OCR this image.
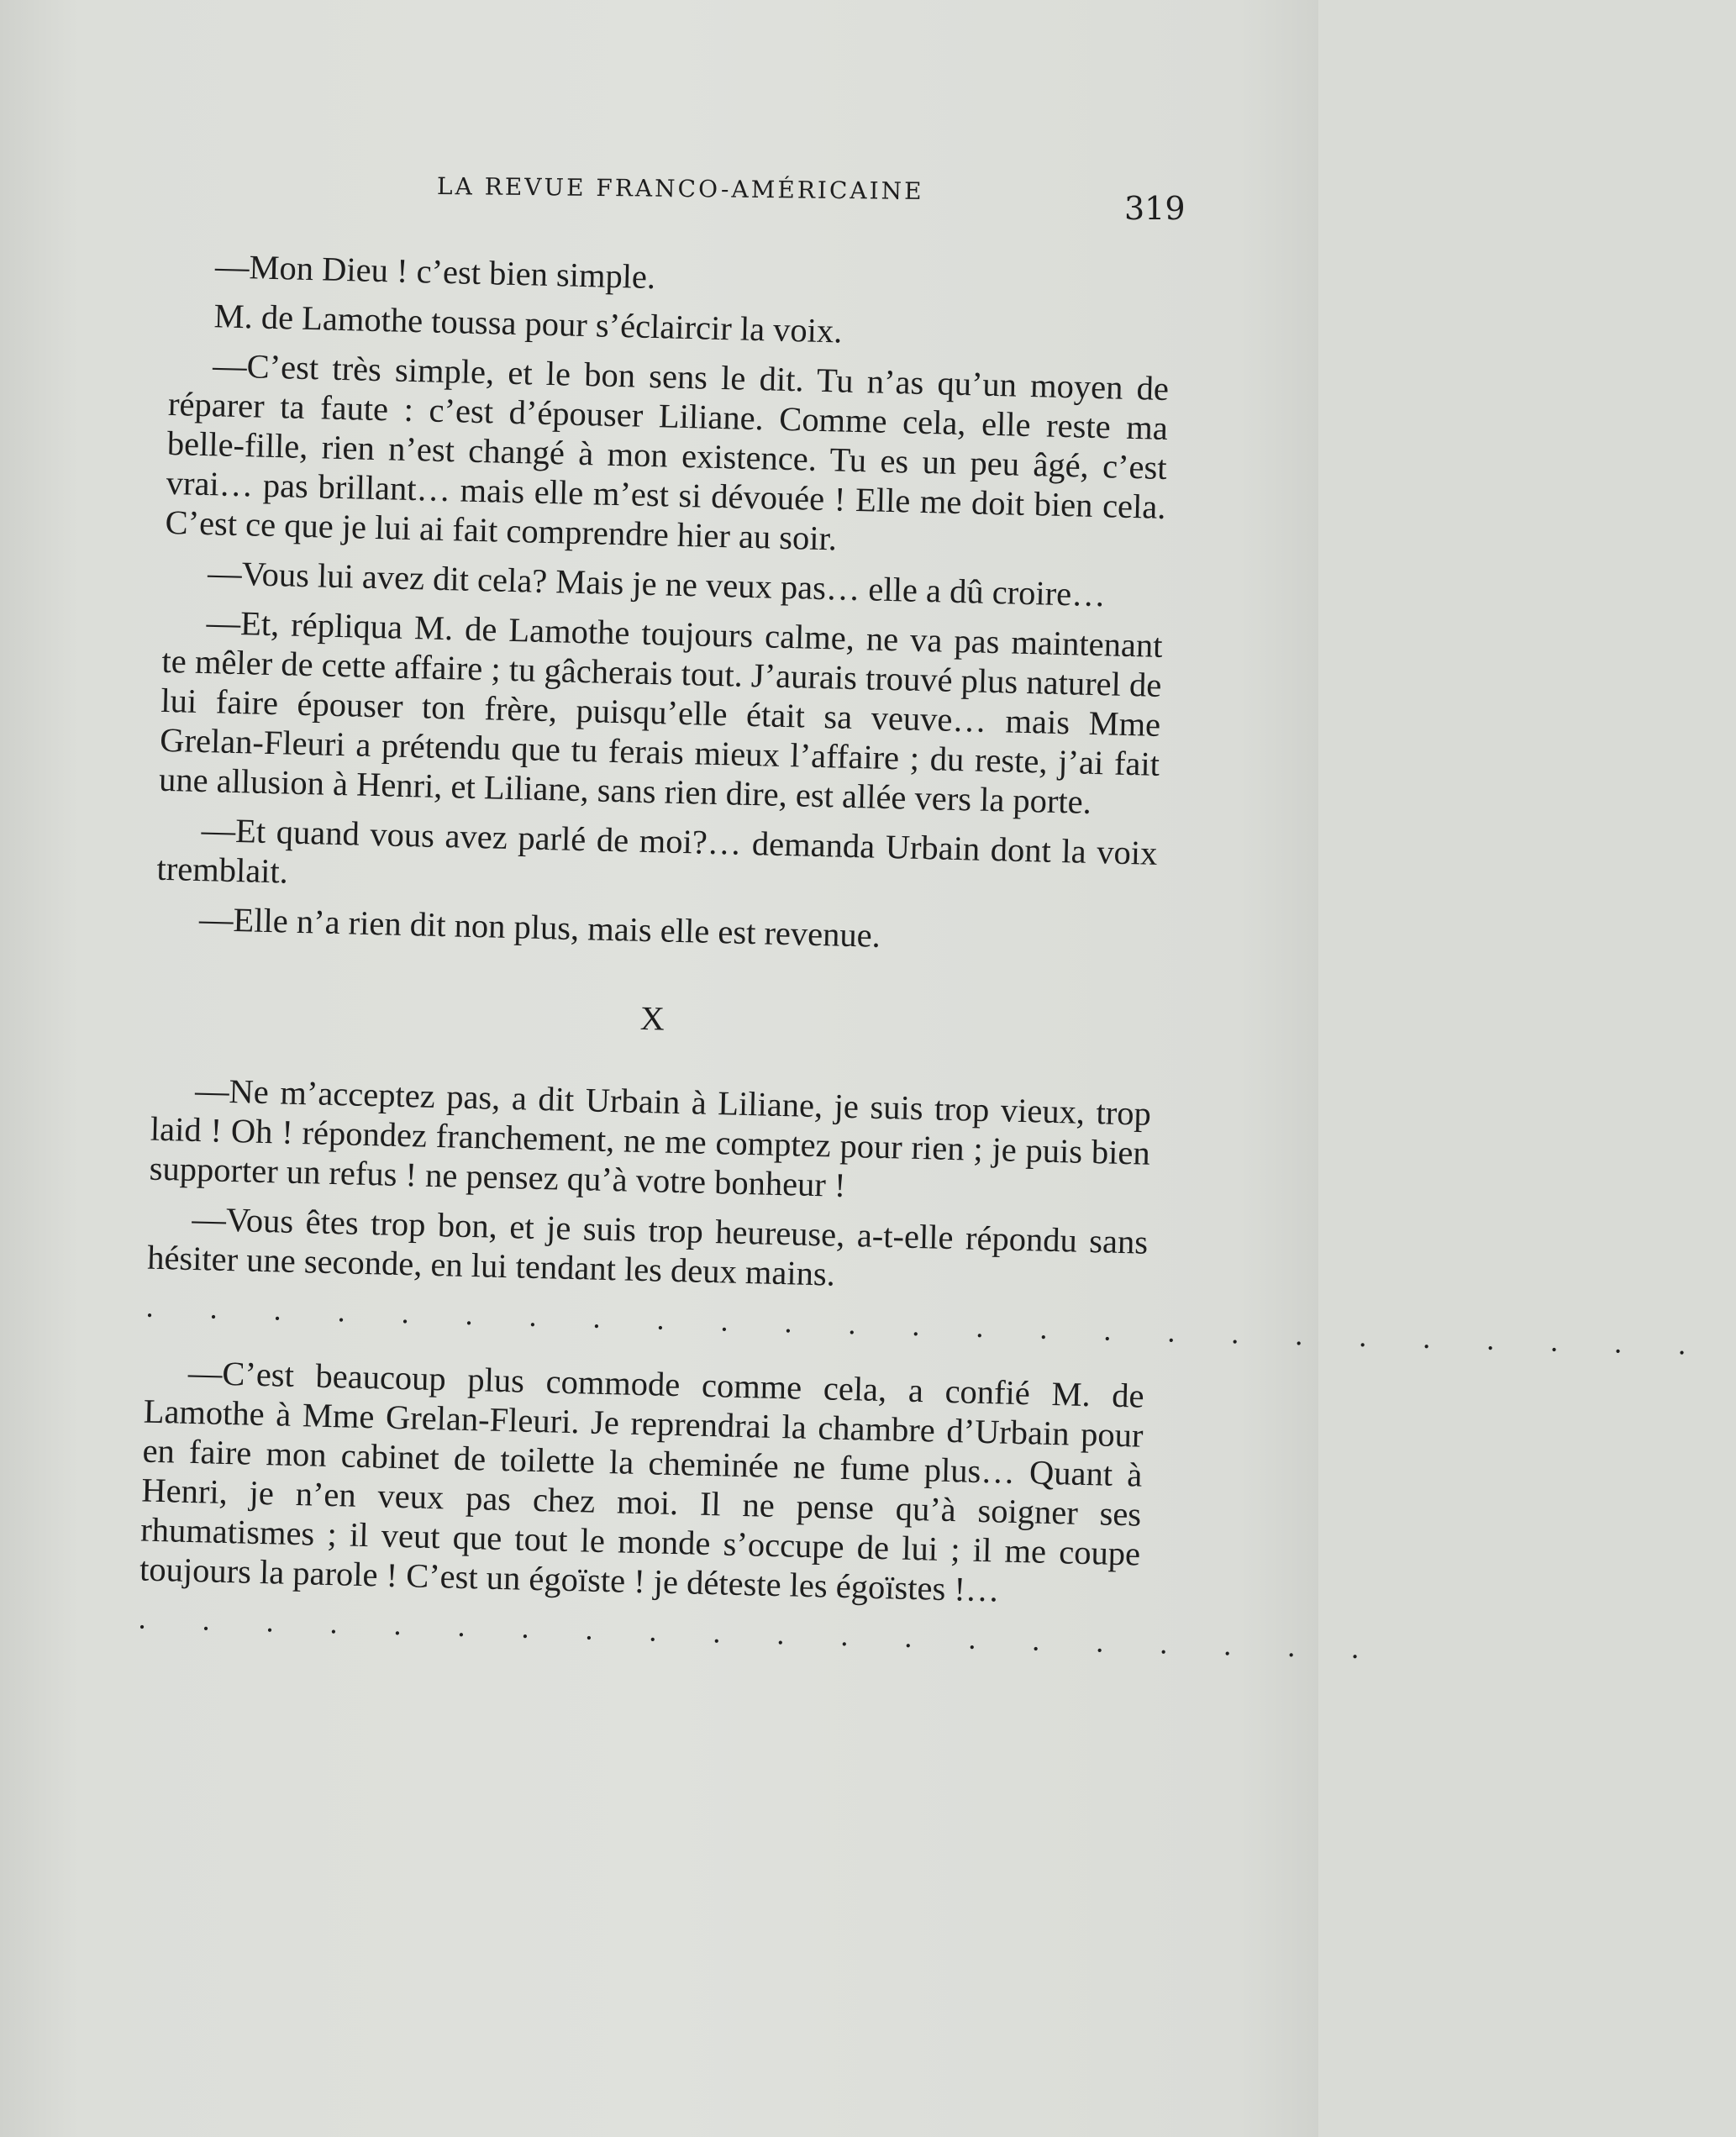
LA REVUE FRANCO-AMÉRICAINE
319

—Mon Dieu ! c’est bien simple.

M. de Lamothe toussa pour s’éclaircir la voix.

—C’est très simple, et le bon sens le dit. Tu n’as qu’un moyen de réparer ta faute : c’est d’épouser Liliane. Comme cela, elle reste ma belle-fille, rien n’est changé à mon existence. Tu es un peu âgé, c’est vrai… pas brillant… mais elle m’est si dévouée ! Elle me doit bien cela. C’est ce que je lui ai fait comprendre hier au soir.

—Vous lui avez dit cela? Mais je ne veux pas… elle a dû croire…

—Et, répliqua M. de Lamothe toujours calme, ne va pas maintenant te mêler de cette affaire ; tu gâcherais tout. J’aurais trouvé plus naturel de lui faire épouser ton frère, puisqu’elle était sa veuve… mais Mme Grelan-Fleuri a prétendu que tu ferais mieux l’affaire ; du reste, j’ai fait une allusion à Henri, et Liliane, sans rien dire, est allée vers la porte.

—Et quand vous avez parlé de moi?… demanda Urbain dont la voix tremblait.

—Elle n’a rien dit non plus, mais elle est revenue.

X

—Ne m’acceptez pas, a dit Urbain à Liliane, je suis trop vieux, trop laid ! Oh ! répondez franchement, ne me comptez pour rien ; je puis bien supporter un refus ! ne pensez qu’à votre bonheur !

—Vous êtes trop bon, et je suis trop heureuse, a-t-elle répondu sans hésiter une seconde, en lui tendant les deux mains.

. . . . . . . . . . . . . . . . . . . . . . . . .

—C’est beaucoup plus commode comme cela, a confié M. de Lamothe à Mme Grelan-Fleuri. Je reprendrai la chambre d’Urbain pour en faire mon cabinet de toilette la cheminée ne fume plus… Quant à Henri, je n’en veux pas chez moi. Il ne pense qu’à soigner ses rhumatismes ; il veut que tout le monde s’occupe de lui ; il me coupe toujours la parole ! C’est un égoïste ! je déteste les égoïstes !…

. . . . . . . . . . . . . . . . . . . .
